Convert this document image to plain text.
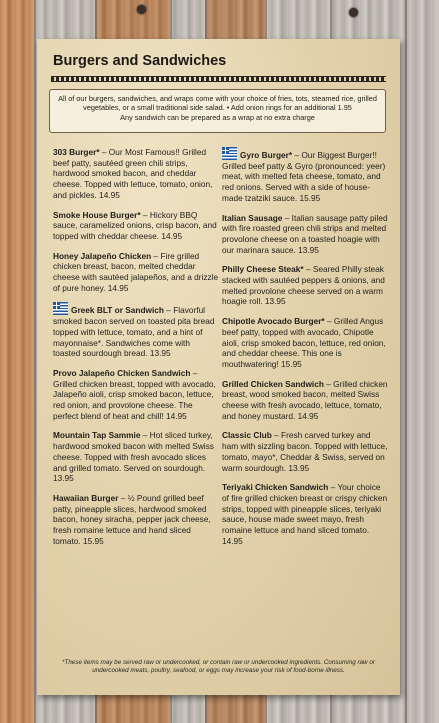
Burgers and Sandwiches
All of our burgers, sandwiches, and wraps come with your choice of fries, tots, steamed rice, grilled vegetables, or a small traditional side salad. • Add onion rings for an additional 1.95
Any sandwich can be prepared as a wrap at no extra charge
303 Burger* – Our Most Famous!! Grilled beef patty, sautéed green chili strips, hardwood smoked bacon, and cheddar cheese. Topped with lettuce, tomato, onion, and pickles. 14.95
Smoke House Burger* – Hickory BBQ sauce, caramelized onions, crisp bacon, and topped with cheddar cheese. 14.95
Honey Jalapeño Chicken – Fire grilled chicken breast, bacon, melted cheddar cheese with sautéed jalapeños, and a drizzle of pure honey. 14.95
Greek BLT or Sandwich – Flavorful smoked bacon served on toasted pita bread topped with lettuce, tomato, and a hint of mayonnaise*. Sandwiches come with toasted sourdough bread. 13.95
Provo Jalapeño Chicken Sandwich – Grilled chicken breast, topped with avocado, Jalapeño aioli, crisp smoked bacon, lettuce, red onion, and provolone cheese. The perfect blend of heat and chill! 14.95
Mountain Tap Sammie – Hot sliced turkey, hardwood smoked bacon with melted Swiss cheese. Topped with fresh avocado slices and grilled tomato. Served on sourdough. 13.95
Hawaiian Burger – ½ Pound grilled beef patty, pineapple slices, hardwood smoked bacon, honey siracha, pepper jack cheese, fresh romaine lettuce and hand sliced tomato. 15.95
Gyro Burger* – Our Biggest Burger!! Grilled beef patty & Gyro (pronounced: yeer) meat, with melted feta cheese, tomato, and red onions. Served with a side of house-made tzatziki sauce. 15.95
Italian Sausage – Italian sausage patty piled with fire roasted green chili strips and melted provolone cheese on a toasted hoagie with our marinara sauce. 13.95
Philly Cheese Steak* – Seared Philly steak stacked with sautéed peppers & onions, and melted provolone cheese served on a warm hoagie roll. 13.95
Chipotle Avocado Burger* – Grilled Angus beef patty, topped with avocado, Chipotle aioli, crisp smoked bacon, lettuce, red onion, and cheddar cheese. This one is mouthwatering! 15.95
Grilled Chicken Sandwich – Grilled chicken breast, wood smoked bacon, melted Swiss cheese with fresh avocado, lettuce, tomato, and honey mustard. 14.95
Classic Club – Fresh carved turkey and ham with sizzling bacon. Topped with lettuce, tomato, mayo*, Cheddar & Swiss, served on warm sourdough. 13.95
Teriyaki Chicken Sandwich – Your choice of fire grilled chicken breast or crispy chicken strips, topped with pineapple slices, teriyaki sauce, house made sweet mayo, fresh romaine lettuce and hand sliced tomato. 14.95
*These items may be served raw or undercooked, or contain raw or undercooked ingredients. Consuming raw or undercooked meats, poultry, seafood, or eggs may increase your risk of food-borne illness.
